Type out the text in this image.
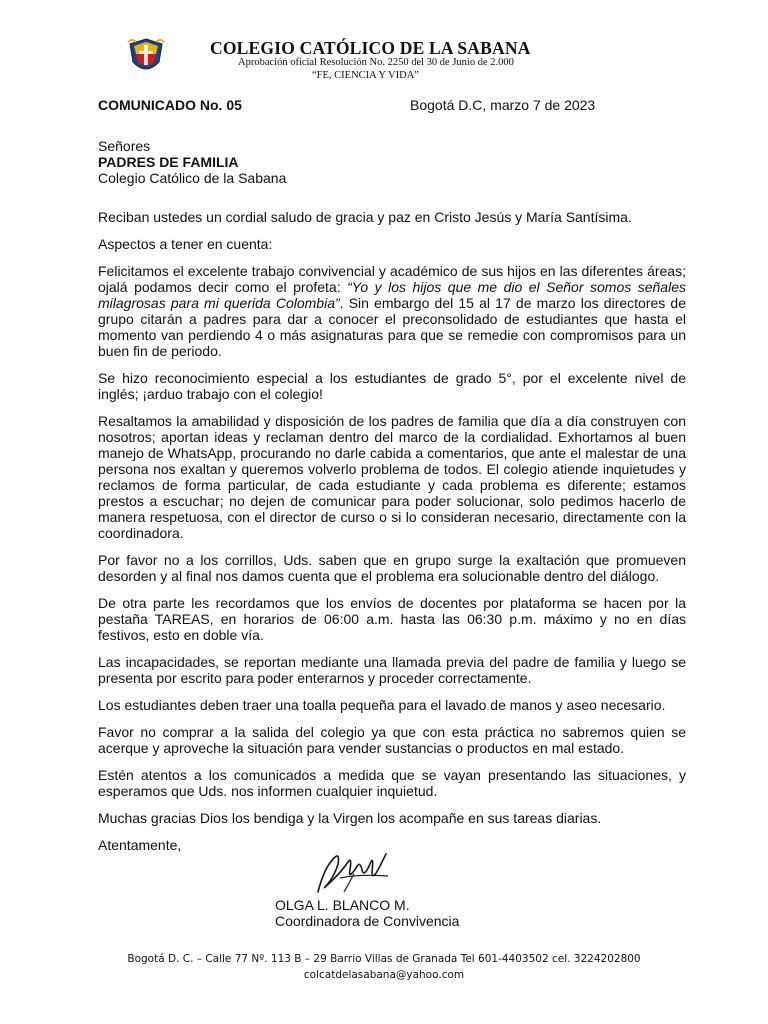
COLEGIO CATÓLICO DE LA SABANA
Aprobación oficial Resolución No. 2250 del 30 de Junio de 2.000
“FE, CIENCIA Y VIDA”
COMUNICADO No. 05	Bogotá D.C, marzo 7 de 2023
Señores
PADRES DE FAMILIA
Colegio Católico de la Sabana

Reciban ustedes un cordial saludo de gracia y paz en Cristo Jesús y María Santísima.

Aspectos a tener en cuenta:

Felicitamos el excelente trabajo convivencial y académico de sus hijos en las diferentes áreas; ojalá podamos decir como el profeta: “Yo y los hijos que me dio el Señor somos señales milagrosas para mi querida Colombia”. Sin embargo del 15 al 17 de marzo los directores de grupo citarán a padres para dar a conocer el preconsolidado de estudiantes que hasta el momento van perdiendo 4 o más asignaturas para que se remedie con compromisos para un buen fin de periodo.

Se hizo reconocimiento especial a los estudiantes de grado 5°, por el excelente nivel de inglés; ¡arduo trabajo con el colegio!

Resaltamos la amabilidad y disposición de los padres de familia que día a día construyen con nosotros; aportan ideas y reclaman dentro del marco de la cordialidad. Exhortamos al buen manejo de WhatsApp, procurando no darle cabida a comentarios, que ante el malestar de una persona nos exaltan y queremos volverlo problema de todos. El colegio atiende inquietudes y reclamos de forma particular, de cada estudiante y cada problema es diferente; estamos prestos a escuchar; no dejen de comunicar para poder solucionar, solo pedimos hacerlo de manera respetuosa, con el director de curso o si lo consideran necesario, directamente con la coordinadora.

Por favor no a los corrillos, Uds. saben que en grupo surge la exaltación que promueven desorden y al final nos damos cuenta que el problema era solucionable dentro del diálogo.

De otra parte les recordamos que los envíos de docentes por plataforma se hacen por la pestaña TAREAS, en horarios de 06:00 a.m. hasta las 06:30 p.m. máximo y no en días festivos, esto en doble vía.

Las incapacidades, se reportan mediante una llamada previa del padre de familia y luego se presenta por escrito para poder enterarnos y proceder correctamente.

Los estudiantes deben traer una toalla pequeña para el lavado de manos y aseo necesario.

Favor no comprar a la salida del colegio ya que con esta práctica no sabremos quien se acerque y aproveche la situación para vender sustancias o productos en mal estado.

Estén atentos a los comunicados a medida que se vayan presentando las situaciones, y esperamos que Uds. nos informen cualquier inquietud.

Muchas gracias Dios los bendiga y la Virgen los acompañe en sus tareas diarias.

Atentamente,

OLGA L. BLANCO M.
Coordinadora de Convivencia
Bogotá D. C. – Calle 77 Nº. 113 B – 29 Barrio Villas de Granada Tel 601-4403502 cel. 3224202800
colcatdelasabana@yahoo.com
